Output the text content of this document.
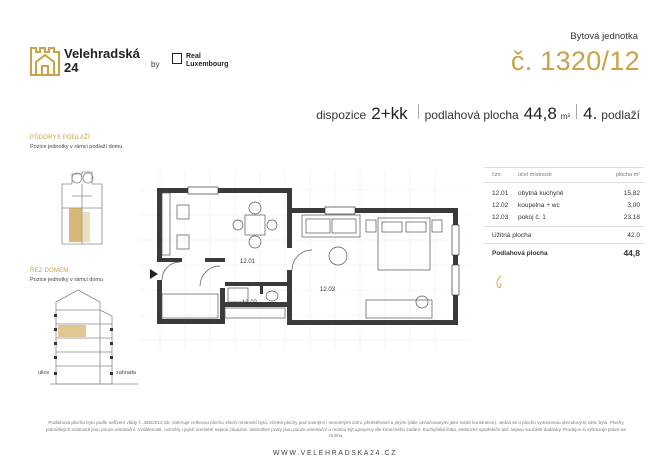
Velehradská
24	by
Real
Luxembourg
Bytová jednotka
č. 1320/12
dispozice 2+kk podlahová plocha 44,8 m² 4. podlaží
PŮDORYS PODLAŽÍ
Pozice jednotky v rámci podlaží domu
ŘEZ DOMEM
Pozice jednotky v rámci domu
ulice	zahrada
12.01
12.02
12.03
čzn.	účel místnosti	plocha m²
12.01	obytná kuchyně	15,82
12.02	koupelna + wc	3,00
12.03	pokoj č. 1	23,18
Užitná plocha	42,0
Podlahová plocha	44,8
Podlahová plocha bytu podle nařízení vlády č. 366/2013 Sb. zahrnuje celkovou plochu všech místností bytu, včetně plochy pod nosnými i nenosnými zdmi, předstěnami a jinými (dále označovanými jako svislé konstrukce). Jedná se o plochu vymezenou obvodovými zdmi bytu. Plochy jednotlivých místností jsou pouze orientační. Vzdálenosti, rozměry i jejich umístění nejsou závazné. Jednotlivé prvky jsou pouze orientační a mohou být upraveny dle konečného zadání. Kuchyňská linka, elektrické spotřebiče atd. nejsou součástí dodávky. Prodejce si vyhrazuje právo na změnu.
WWW.VELEHRADSKA24.CZ
